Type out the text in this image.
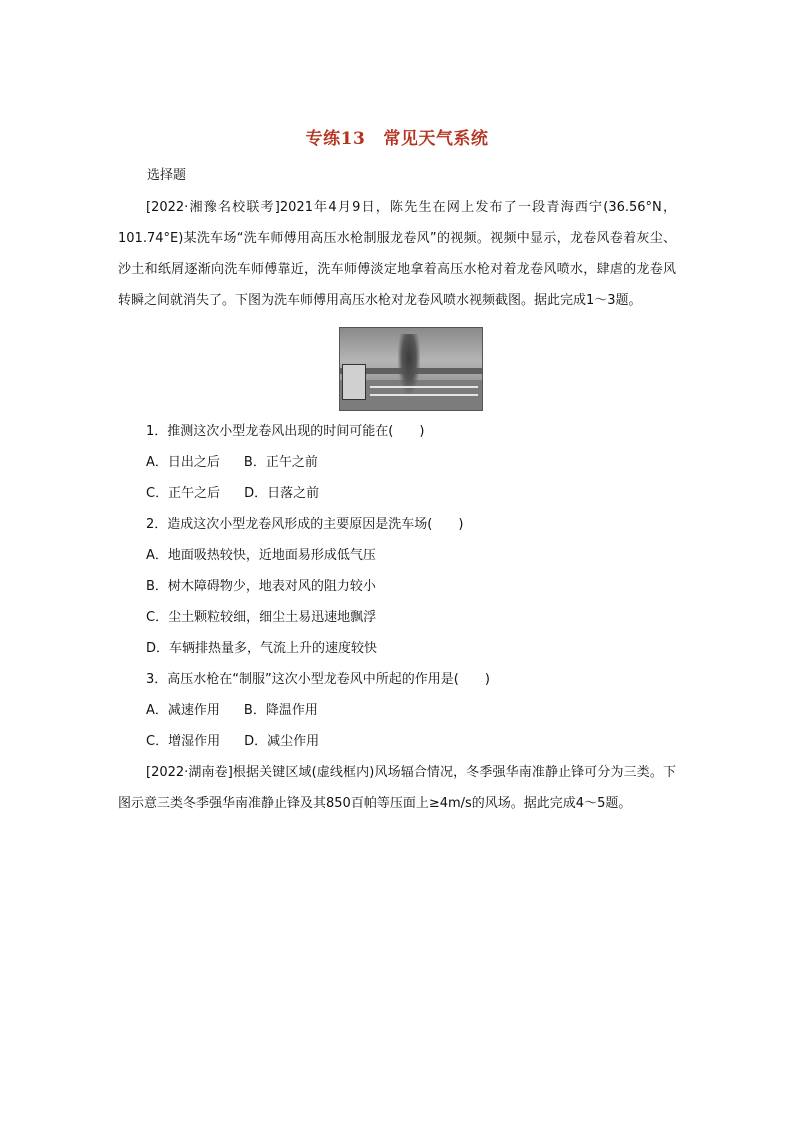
专练13 常见天气系统
选择题

[2022·湘豫名校联考]2021年4月9日，陈先生在网上发布了一段青海西宁(36.56°N，101.74°E)某洗车场“洗车师傅用高压水枪制服龙卷风”的视频。视频中显示，龙卷风卷着灰尘、沙土和纸屑逐渐向洗车师傅靠近，洗车师傅淡定地拿着高压水枪对着龙卷风喷水，肆虐的龙卷风转瞬之间就消失了。下图为洗车师傅用高压水枪对龙卷风喷水视频截图。据此完成1～3题。

1．推测这次小型龙卷风出现的时间可能在(　　)

A．日出之后 B．正午之前

C．正午之后 D．日落之前

2．造成这次小型龙卷风形成的主要原因是洗车场(　　)

A．地面吸热较快，近地面易形成低气压

B．树木障碍物少，地表对风的阻力较小

C．尘土颗粒较细，细尘土易迅速地飘浮

D．车辆排热量多，气流上升的速度较快

3．高压水枪在“制服”这次小型龙卷风中所起的作用是(　　)

A．减速作用 B．降温作用

C．增湿作用 D．减尘作用

[2022·湖南卷]根据关键区域(虚线框内)风场辐合情况，冬季强华南准静止锋可分为三类。下图示意三类冬季强华南准静止锋及其850百帕等压面上≥4m/s的风场。据此完成4～5题。
